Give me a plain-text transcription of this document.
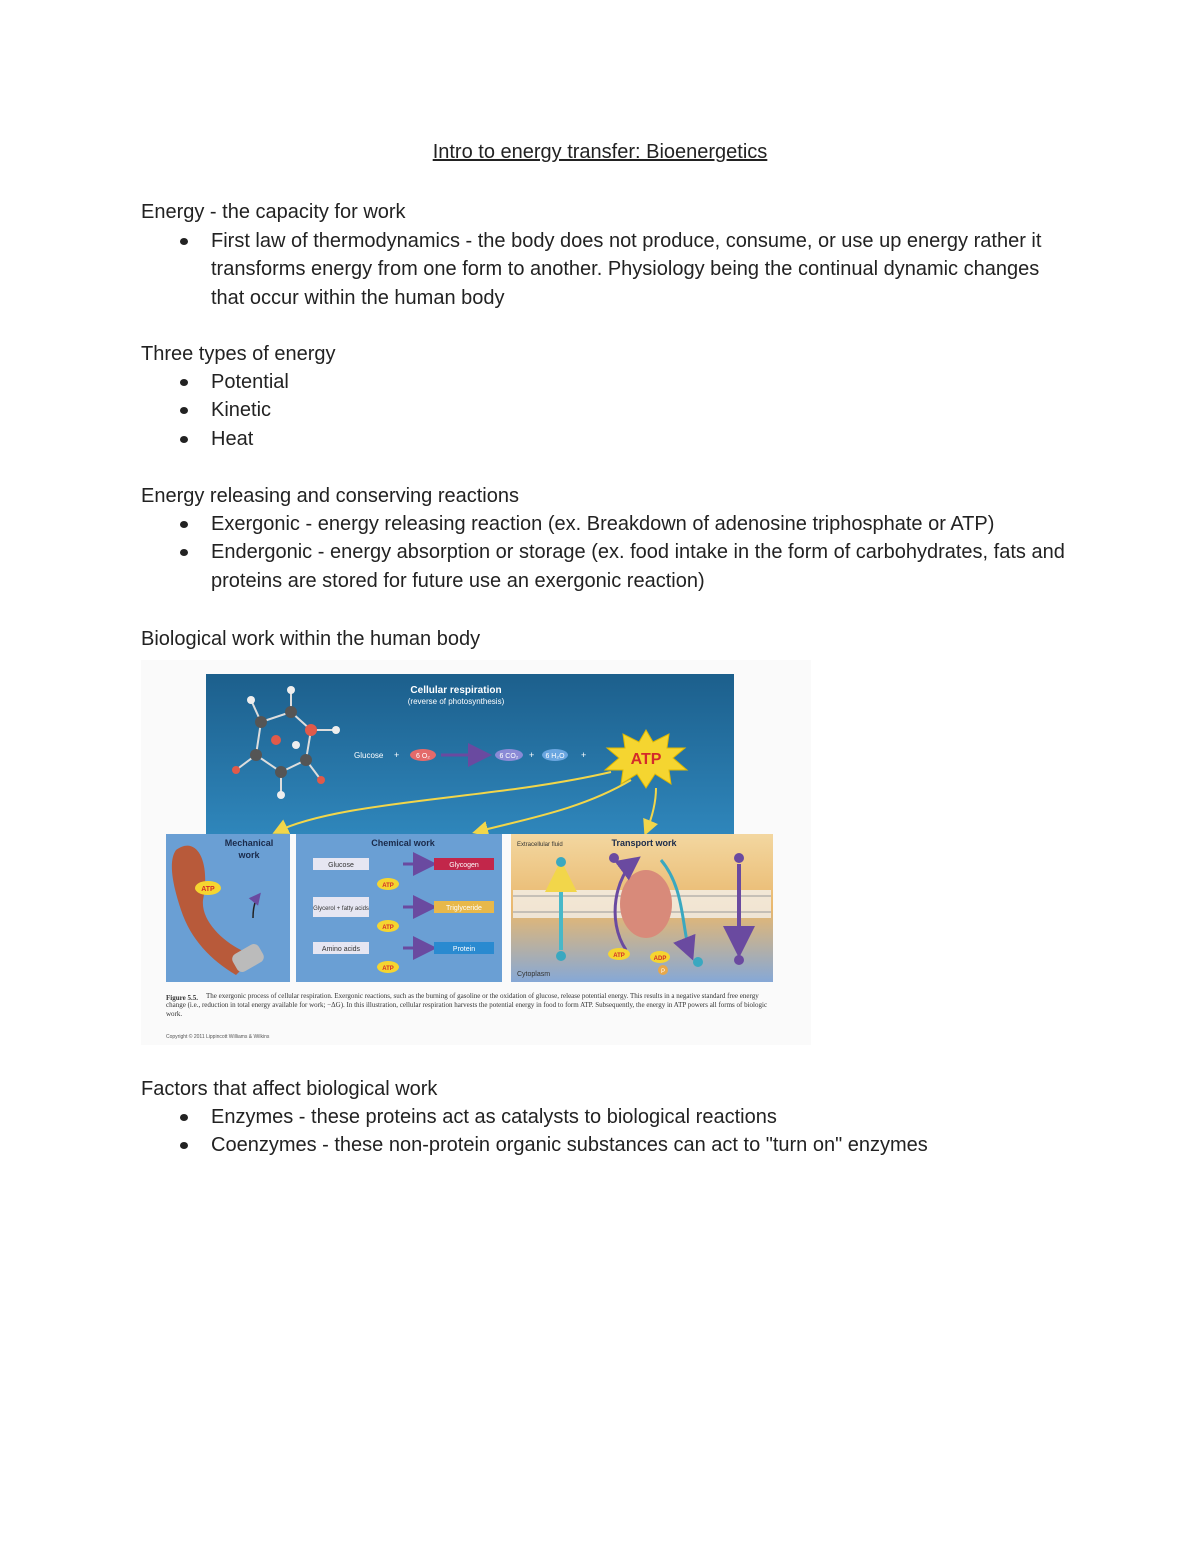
Intro to energy transfer: Bioenergetics
Energy - the capacity for work
First law of thermodynamics - the body does not produce, consume, or use up energy rather it transforms energy from one form to another. Physiology being the continual dynamic changes that occur within the human body
Three types of energy
Potential
Kinetic
Heat
Energy releasing and conserving reactions
Exergonic - energy releasing reaction (ex. Breakdown of adenosine triphosphate or ATP)
Endergonic - energy absorption or storage (ex. food intake in the form of carbohydrates, fats and proteins are stored for future use an exergonic reaction)
Biological work within the human body
Cellular respiration
(reverse of photosynthesis)
Glucose + 6 O₂	6 CO₂ + 6 H₂O +	ATP
Mechanical
work
ATP
Chemical work
Glucose	Glycogen
ATP
Glycerol + fatty acids	Triglyceride
ATP
Amino acids	Protein
ATP
Transport work
Extracellular fluid
ATP	ADP
P
Cytoplasm
Figure 5.5.	The exergonic process of cellular respiration. Exergonic reactions, such as the burning of gasoline or the oxidation of glucose, release potential energy. This results in a negative standard free energy change (i.e., reduction in total energy available for work; −ΔG). In this illustration, cellular respiration harvests the potential energy in food to form ATP. Subsequently, the energy in ATP powers all forms of biologic work.
Copyright © 2011 Lippincott Williams & Wilkins
Factors that affect biological work
Enzymes - these proteins act as catalysts to biological reactions
Coenzymes - these non-protein organic substances can act to "turn on" enzymes
